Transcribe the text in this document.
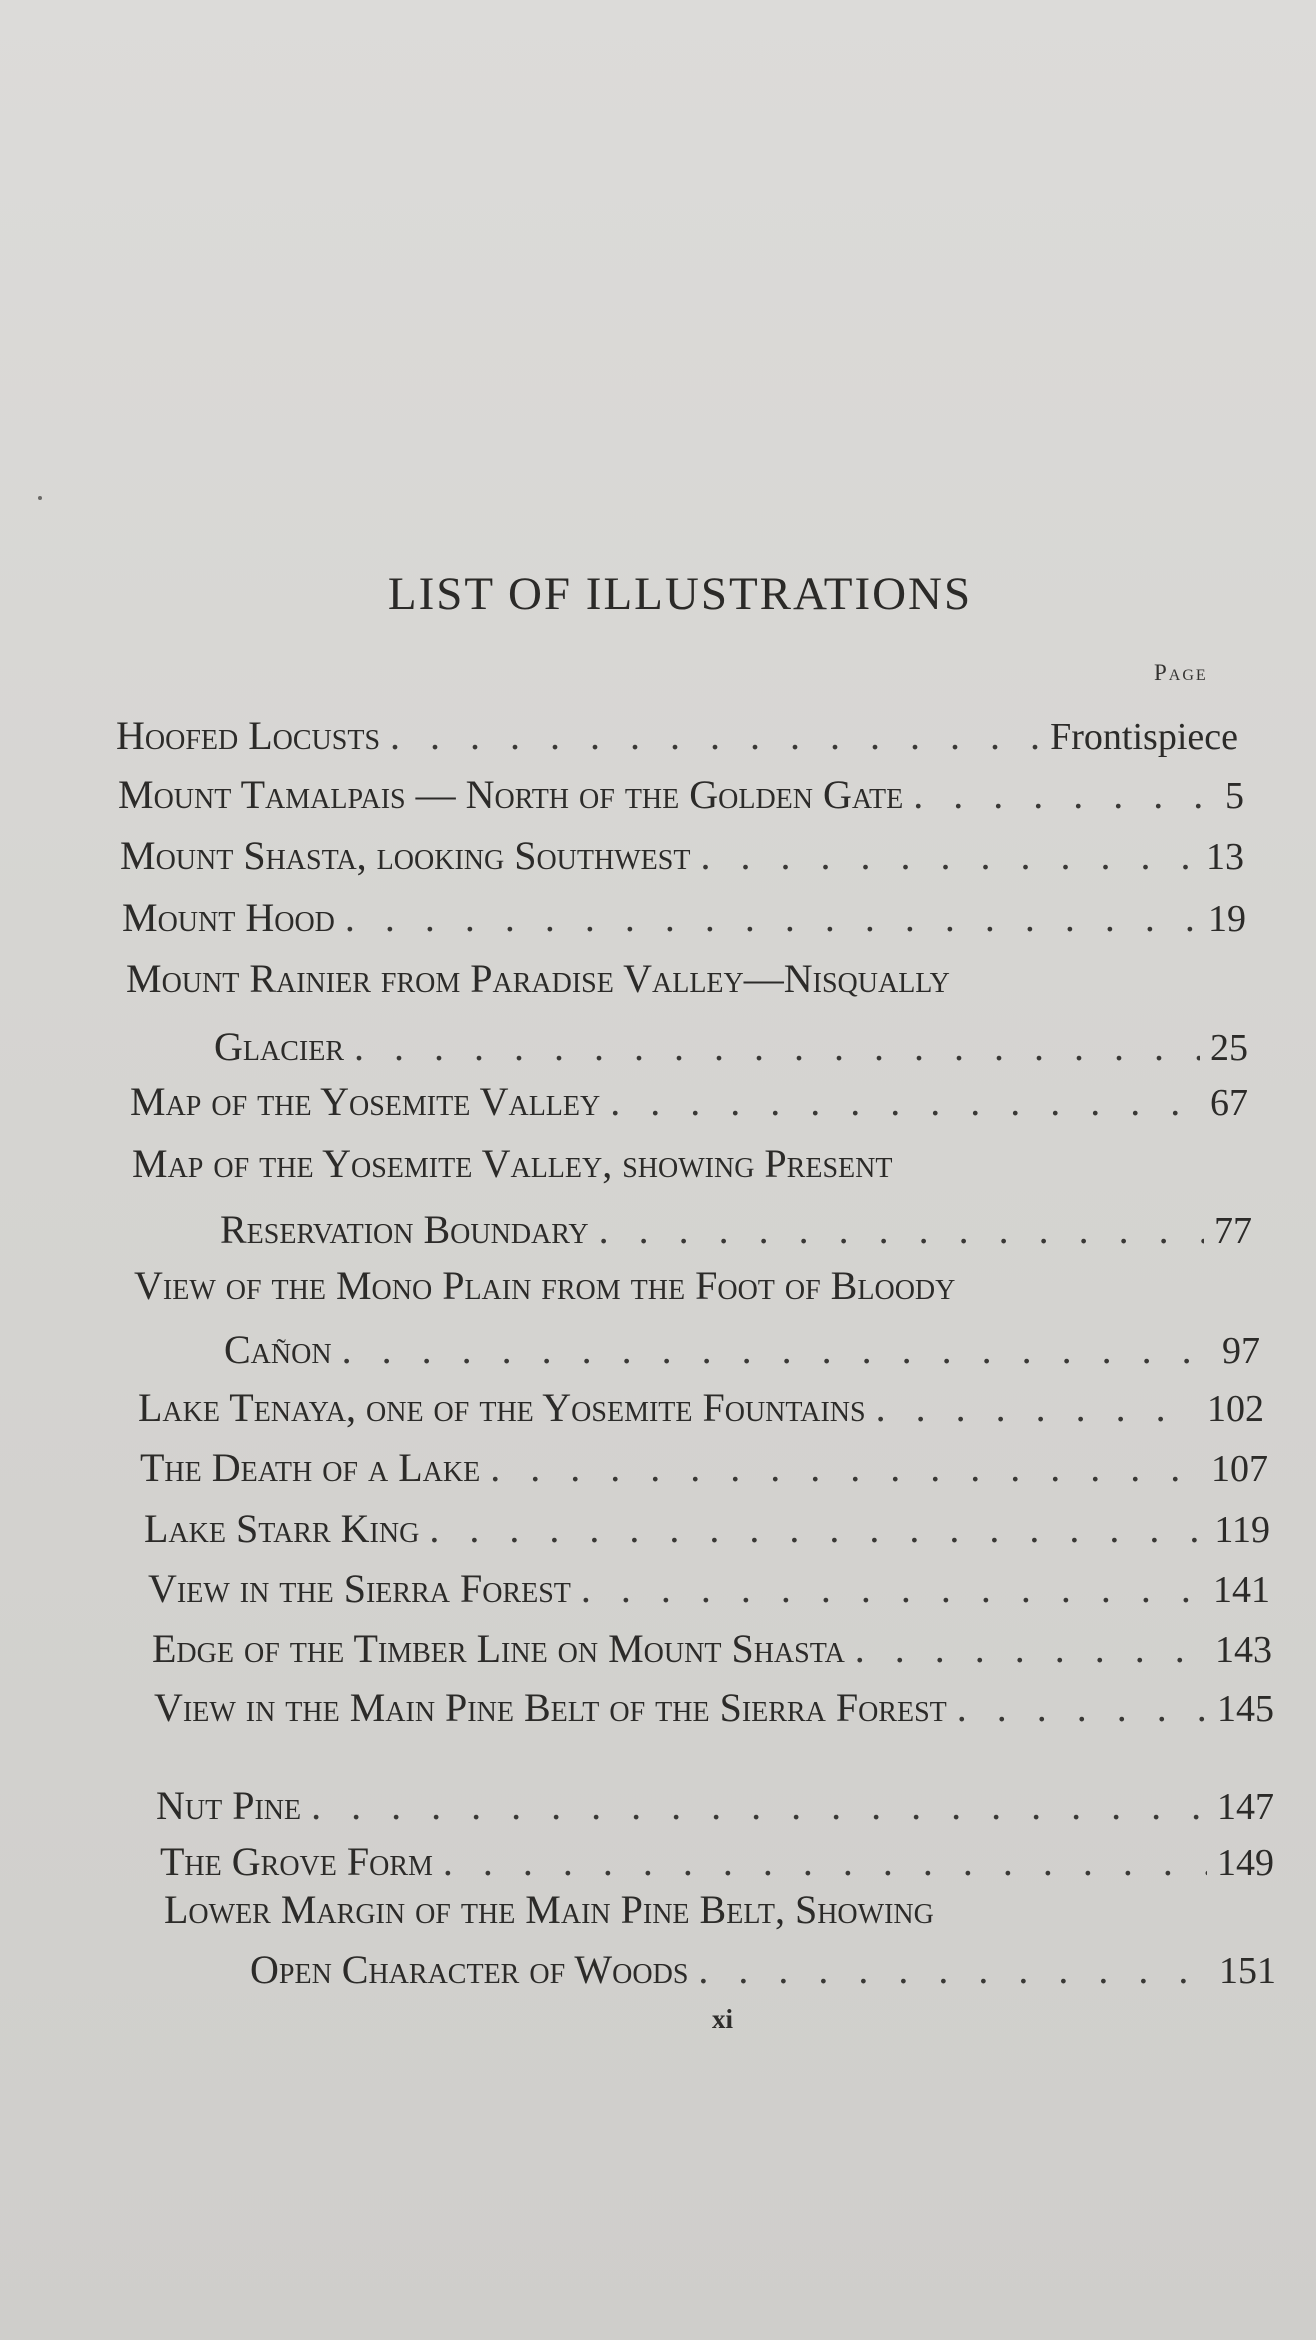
LIST OF ILLUSTRATIONS
Page
Hoofed Locusts . . .	Frontispiece
Mount Tamalpais — North of the Golden Gate . . .	5
Mount Shasta, looking Southwest . . .	13
Mount Hood . . .	19
Mount Rainier from Paradise Valley—Nisqually
Glacier . . .	25
Map of the Yosemite Valley . . .	67
Map of the Yosemite Valley, showing Present
Reservation Boundary . . .	77
View of the Mono Plain from the Foot of Bloody
Cañon . . .	97
Lake Tenaya, one of the Yosemite Fountains . . .	102
The Death of a Lake . . .	107
Lake Starr King . . .	119
View in the Sierra Forest . . .	141
Edge of the Timber Line on Mount Shasta . . .	143
View in the Main Pine Belt of the Sierra Forest . . .	145
Nut Pine . . .	147
The Grove Form . . .	149
Lower Margin of the Main Pine Belt, Showing
Open Character of Woods . . .	151
xi
